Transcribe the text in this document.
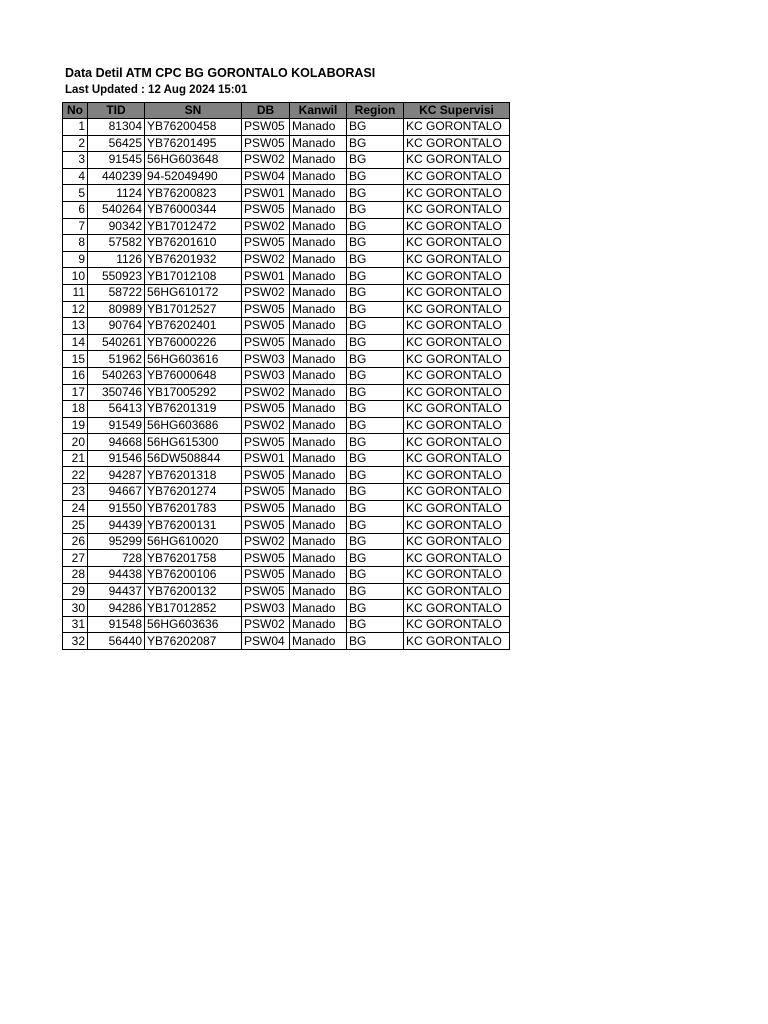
Data Detil ATM CPC BG GORONTALO KOLABORASI
Last Updated : 12 Aug 2024 15:01
No	TID	SN	DB	Kanwil	Region	KC Supervisi
1	81304	YB76200458	PSW05	Manado	BG	KC GORONTALO
2	56425	YB76201495	PSW05	Manado	BG	KC GORONTALO
3	91545	56HG603648	PSW02	Manado	BG	KC GORONTALO
4	440239	94-52049490	PSW04	Manado	BG	KC GORONTALO
5	1124	YB76200823	PSW01	Manado	BG	KC GORONTALO
6	540264	YB76000344	PSW05	Manado	BG	KC GORONTALO
7	90342	YB17012472	PSW02	Manado	BG	KC GORONTALO
8	57582	YB76201610	PSW05	Manado	BG	KC GORONTALO
9	1126	YB76201932	PSW02	Manado	BG	KC GORONTALO
10	550923	YB17012108	PSW01	Manado	BG	KC GORONTALO
11	58722	56HG610172	PSW02	Manado	BG	KC GORONTALO
12	80989	YB17012527	PSW05	Manado	BG	KC GORONTALO
13	90764	YB76202401	PSW05	Manado	BG	KC GORONTALO
14	540261	YB76000226	PSW05	Manado	BG	KC GORONTALO
15	51962	56HG603616	PSW03	Manado	BG	KC GORONTALO
16	540263	YB76000648	PSW03	Manado	BG	KC GORONTALO
17	350746	YB17005292	PSW02	Manado	BG	KC GORONTALO
18	56413	YB76201319	PSW05	Manado	BG	KC GORONTALO
19	91549	56HG603686	PSW02	Manado	BG	KC GORONTALO
20	94668	56HG615300	PSW05	Manado	BG	KC GORONTALO
21	91546	56DW508844	PSW01	Manado	BG	KC GORONTALO
22	94287	YB76201318	PSW05	Manado	BG	KC GORONTALO
23	94667	YB76201274	PSW05	Manado	BG	KC GORONTALO
24	91550	YB76201783	PSW05	Manado	BG	KC GORONTALO
25	94439	YB76200131	PSW05	Manado	BG	KC GORONTALO
26	95299	56HG610020	PSW02	Manado	BG	KC GORONTALO
27	728	YB76201758	PSW05	Manado	BG	KC GORONTALO
28	94438	YB76200106	PSW05	Manado	BG	KC GORONTALO
29	94437	YB76200132	PSW05	Manado	BG	KC GORONTALO
30	94286	YB17012852	PSW03	Manado	BG	KC GORONTALO
31	91548	56HG603636	PSW02	Manado	BG	KC GORONTALO
32	56440	YB76202087	PSW04	Manado	BG	KC GORONTALO
